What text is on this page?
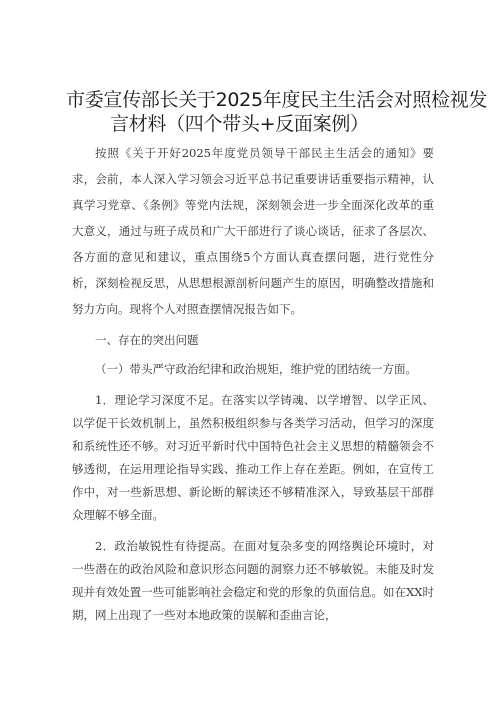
市委宣传部长关于2025年度民主生活会对照检视发
言材料（四个带头+反面案例）

按照《关于开好2025年度党员领导干部民主生活会的通知》要求，会前，本人深入学习领会习近平总书记重要讲话重要指示精神，认真学习党章、《条例》等党内法规，深刻领会进一步全面深化改革的重大意义，通过与班子成员和广大干部进行了谈心谈话，征求了各层次、各方面的意见和建议，重点围绕5个方面认真查摆问题，进行党性分析，深刻检视反思，从思想根源剖析问题产生的原因，明确整改措施和努力方向。现将个人对照查摆情况报告如下。

一、存在的突出问题

（一）带头严守政治纪律和政治规矩，维护党的团结统一方面。

1．理论学习深度不足。在落实以学铸魂、以学增智、以学正风、以学促干长效机制上，虽然积极组织参与各类学习活动，但学习的深度和系统性还不够。对习近平新时代中国特色社会主义思想的精髓领会不够透彻，在运用理论指导实践、推动工作上存在差距。例如，在宣传工作中，对一些新思想、新论断的解读还不够精准深入，导致基层干部群众理解不够全面。

2．政治敏锐性有待提高。在面对复杂多变的网络舆论环境时，对一些潜在的政治风险和意识形态问题的洞察力还不够敏锐。未能及时发现并有效处置一些可能影响社会稳定和党的形象的负面信息。如在XX时期，网上出现了一些对本地政策的误解和歪曲言论，
